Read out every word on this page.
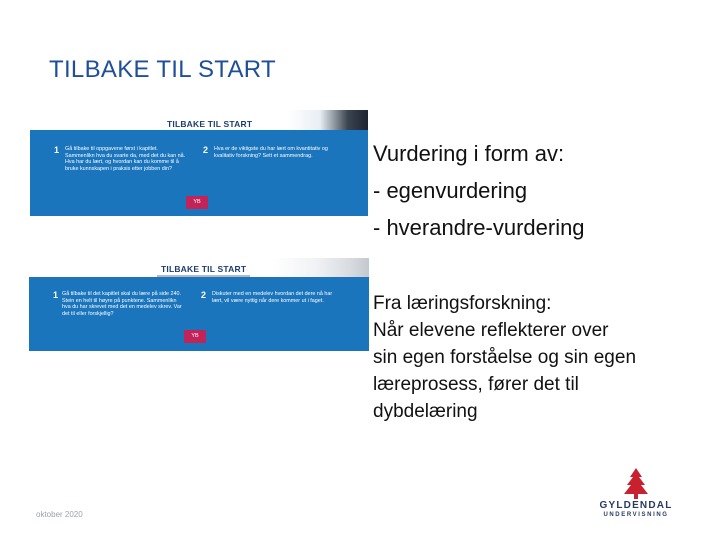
TILBAKE TIL START
TILBAKE TIL START
1 Gå tilbake til oppgavene først i kapitlet. Sammenlikn hva du svarte da, med det du kan nå. Hva har du lært, og hvordan kan du komme til å bruke kunnskapen i praksis etter jobben din?
2 Hva er de viktigste du har lært om kvantitativ og kvalitativ forskning? Sett et sammendrag.
YB
TILBAKE TIL START
1 Gå tilbake til det kapitlet skal du lære på side 240. Stein en helt til høyre på punktene. Sammenlikn hva du har skrevet med det en medelev skrev. Var det til eller forskjellig?
2 Diskuter med en medelev hvordan det dere nå har lært, vil være nyttig når dere kommer ut i faget.
YB
Vurdering i form av:
- egenvurdering
- hverandre-vurdering
Fra læringsforskning:
Når elevene reflekterer over
sin egen forståelse og sin egen
læreprosess, fører det til
dybdelæring
oktober 2020
GYLDENDAL
UNDERVISNING
